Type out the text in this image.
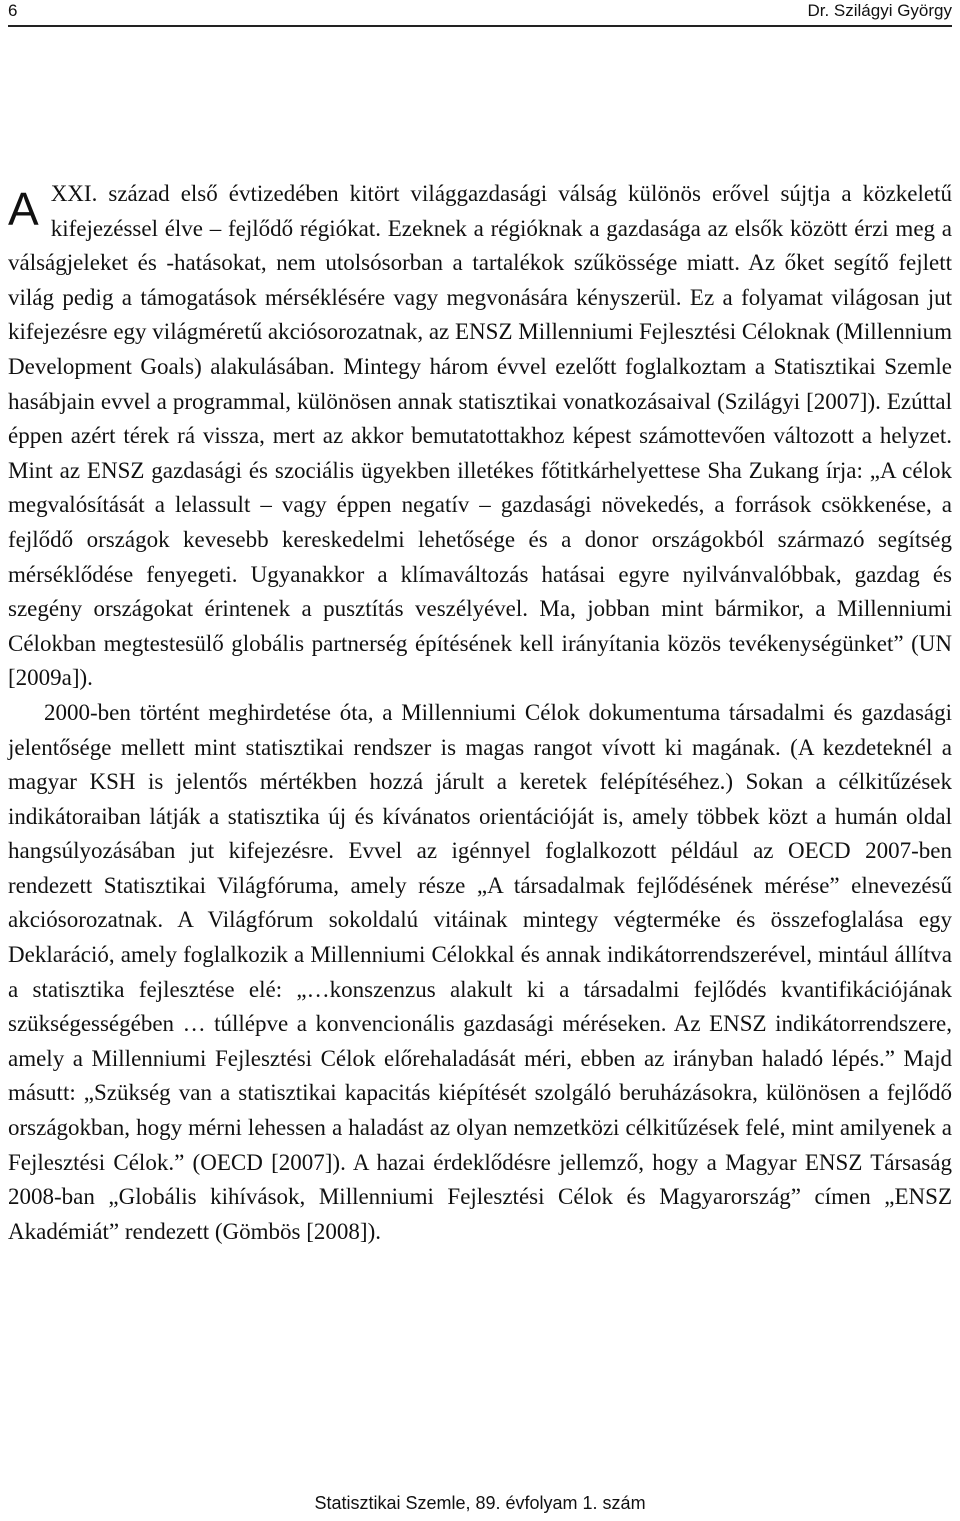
6	Dr. Szilágyi György

A XXI. század első évtizedében kitört világgazdasági válság különös erővel sújtja a közkeletű kifejezéssel élve – fejlődő régiókat. Ezeknek a régióknak a gazdasága az elsők között érzi meg a válságjeleket és -hatásokat, nem utolsósorban a tartalékok szűkössége miatt. Az őket segítő fejlett világ pedig a támogatások mérséklésére vagy megvonására kényszerül. Ez a folyamat világosan jut kifejezésre egy világméretű akciósorozatnak, az ENSZ Millenniumi Fejlesztési Céloknak (Millennium Development Goals) alakulásában. Mintegy három évvel ezelőtt foglalkoztam a Statisztikai Szemle hasábjain evvel a programmal, különösen annak statisztikai vonatkozásaival (Szilágyi [2007]). Ezúttal éppen azért térek rá vissza, mert az akkor bemutatottakhoz képest számottevően változott a helyzet. Mint az ENSZ gazdasági és szociális ügyekben illetékes főtitkárhelyettese Sha Zukang írja: „A célok megvalósítását a lelassult – vagy éppen negatív – gazdasági növekedés, a források csökkenése, a fejlődő országok kevesebb kereskedelmi lehetősége és a donor országokból származó segítség mérséklődése fenyegeti. Ugyanakkor a klímaváltozás hatásai egyre nyilvánvalóbbak, gazdag és szegény országokat érintenek a pusztítás veszélyével. Ma, jobban mint bármikor, a Millenniumi Célokban megtestesülő globális partnerség építésének kell irányítania közös tevékenységünket” (UN [2009a]).

2000-ben történt meghirdetése óta, a Millenniumi Célok dokumentuma társadalmi és gazdasági jelentősége mellett mint statisztikai rendszer is magas rangot vívott ki magának. (A kezdeteknél a magyar KSH is jelentős mértékben hozzá járult a keretek felépítéséhez.) Sokan a célkitűzések indikátoraiban látják a statisztika új és kívánatos orientációját is, amely többek közt a humán oldal hangsúlyozásában jut kifejezésre. Evvel az igénnyel foglalkozott például az OECD 2007-ben rendezett Statisztikai Világfóruma, amely része „A társadalmak fejlődésének mérése” elnevezésű akciósorozatnak. A Világfórum sokoldalú vitáinak mintegy végterméke és összefoglalása egy Deklaráció, amely foglalkozik a Millenniumi Célokkal és annak indikátorrendszerével, mintául állítva a statisztika fejlesztése elé: „…konszenzus alakult ki a társadalmi fejlődés kvantifikációjának szükségességében … túllépve a konvencionális gazdasági méréseken. Az ENSZ indikátorrendszere, amely a Millenniumi Fejlesztési Célok előrehaladását méri, ebben az irányban haladó lépés.” Majd másutt: „Szükség van a statisztikai kapacitás kiépítését szolgáló beruházásokra, különösen a fejlődő országokban, hogy mérni lehessen a haladást az olyan nemzetközi célkitűzések felé, mint amilyenek a Fejlesztési Célok.” (OECD [2007]). A hazai érdeklődésre jellemző, hogy a Magyar ENSZ Társaság 2008-ban „Globális kihívások, Millenniumi Fejlesztési Célok és Magyarország” címen „ENSZ Akadémiát” rendezett (Gömbös [2008]).

Statisztikai Szemle, 89. évfolyam 1. szám
